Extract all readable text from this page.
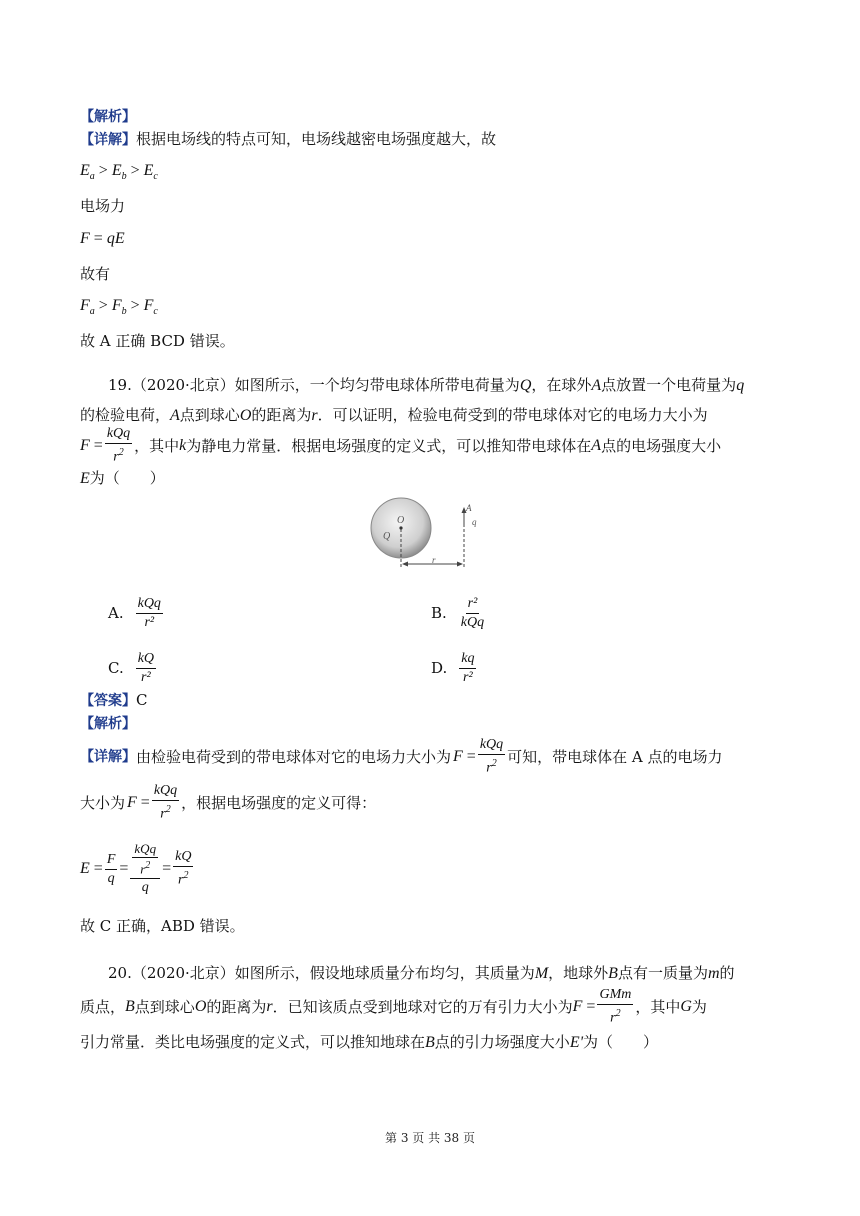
【解析】
【详解】根据电场线的特点可知，电场线越密电场强度越大，故
$E_a > E_b > E_c$
电场力
F = qE
故有
$F_a > F_b > F_c$
故 A 正确 BCD 错误。
19.（2020·北京）如图所示，一个均匀带电球体所带电荷量为Q，在球外A点放置一个电荷量为q
的检验电荷，A点到球心O的距离为r．可以证明，检验电荷受到的带电球体对它的电场力大小为
$F = \frac{\text{kQq}}{r^2}$ ，其中 k 为静电力常量．根据电场强度的定义式，可以推知带电球体在 A 点的电场强度大小
E为（　　）
O
Q
A
q
r
A. $\frac{\text{kQq}}{\text{r²}}$	B. $\frac{\text{r²}}{\text{kQq}}$
C. $\frac{kQ}{\text{r²}}$	D. $\frac{kq}{\text{r²}}$
【答案】C
【解析】
【详解】 由检验电荷受到的带电球体对它的电场力大小为 $F = \frac{\text{kQq}}{r^2}$ 可知，带电球体在 A 点的电场力
大小为 $F = \frac{\text{kQq}}{r^2}$ ，根据电场强度的定义可得：
$E = \frac{F}{q} = \frac{\frac{\text{kQq}}{r^2}}{q} = \frac{kQ}{r^2}$
故 C 正确，ABD 错误。
20.（2020·北京）如图所示，假设地球质量分布均匀，其质量为M，地球外B点有一质量为m的
质点， B 点到球心 O 的距离为 r ．已知该质点受到地球对它的万有引力大小为 $F = \frac{\text{GMm}}{r^2}$ ，其中 G 为
引力常量．类比电场强度的定义式，可以推知地球在B点的引力场强度大小E'为（　　）
第 3 页 共 38 页
